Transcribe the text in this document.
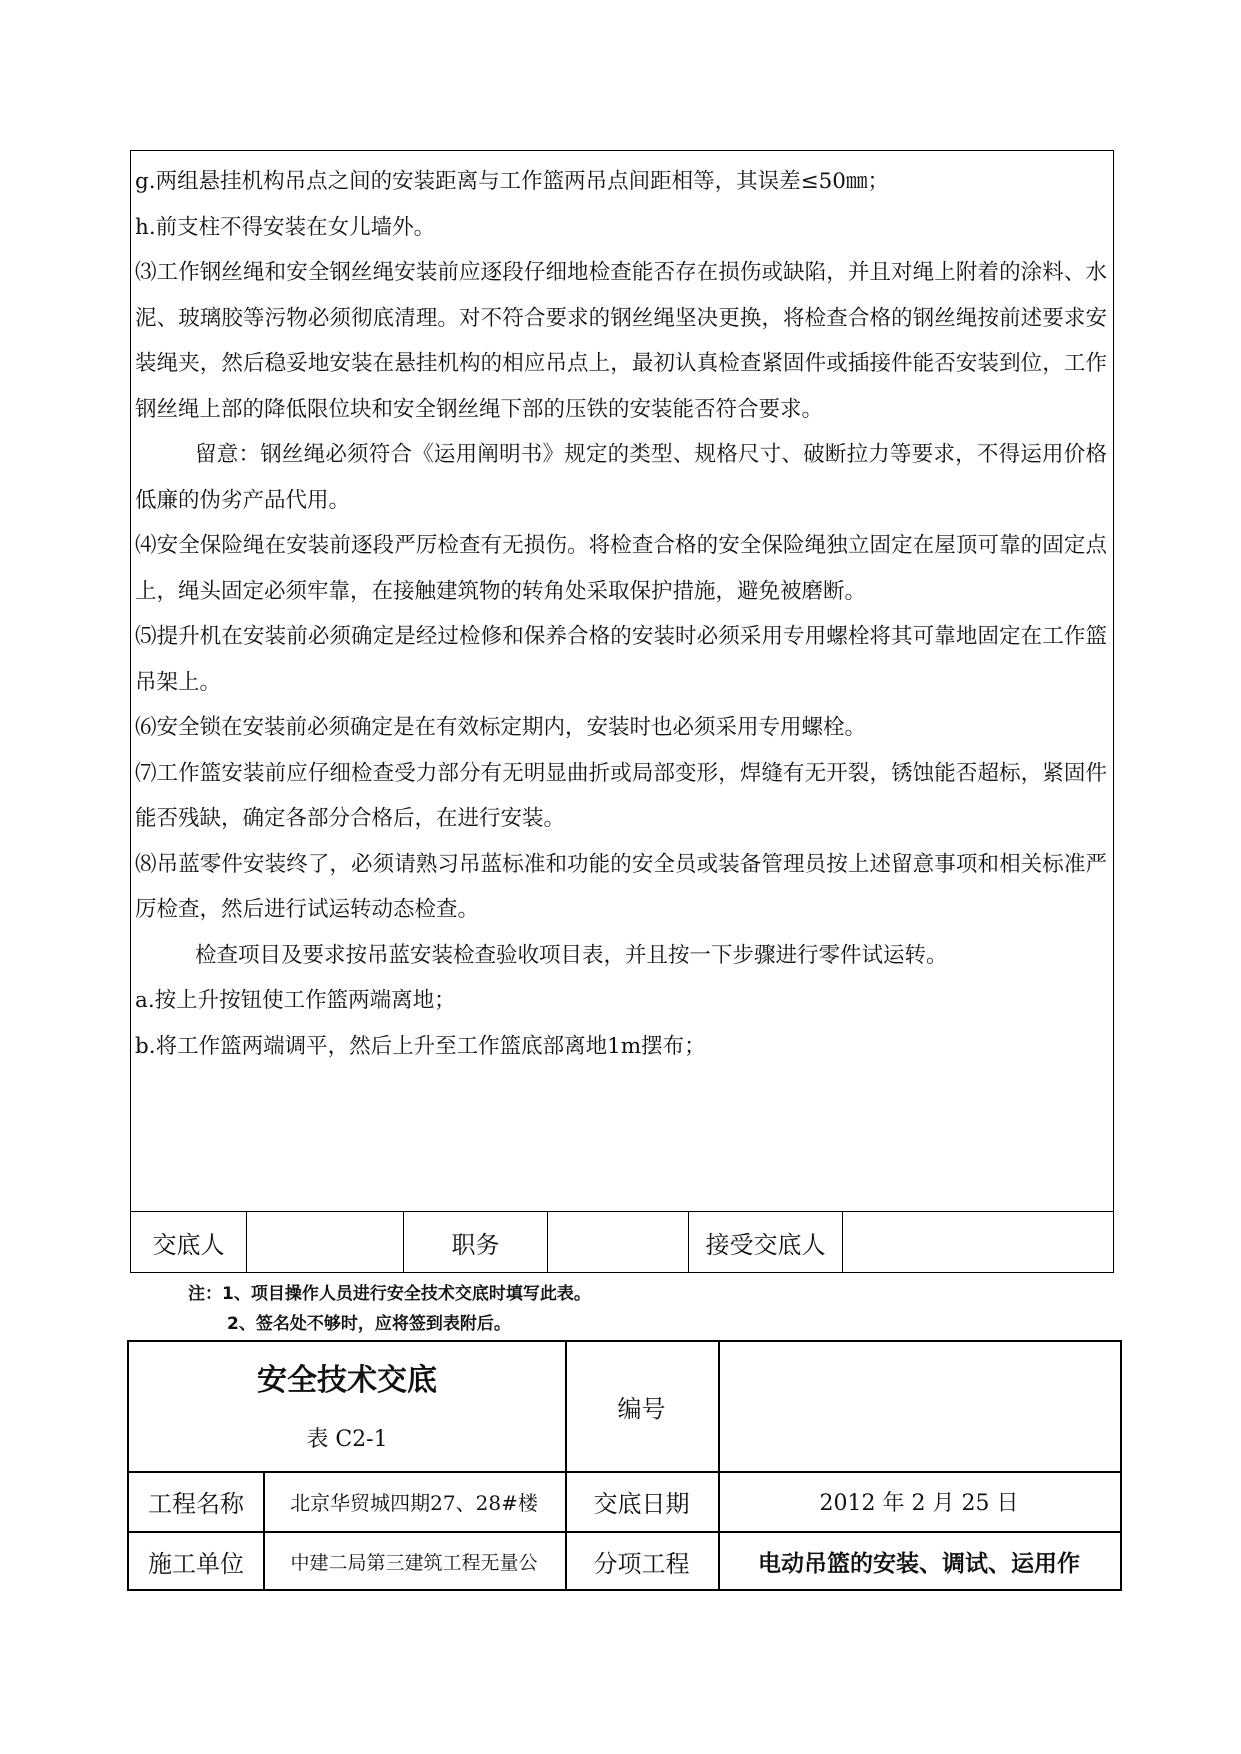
g.两组悬挂机构吊点之间的安装距离与工作篮两吊点间距相等，其误差≤50㎜；

h.前支柱不得安装在女儿墙外。

⑶工作钢丝绳和安全钢丝绳安装前应逐段仔细地检查能否存在损伤或缺陷，并且对绳上附着的涂料、水泥、玻璃胶等污物必须彻底清理。对不符合要求的钢丝绳坚决更换，将检查合格的钢丝绳按前述要求安装绳夹，然后稳妥地安装在悬挂机构的相应吊点上，最初认真检查紧固件或插接件能否安装到位，工作钢丝绳上部的降低限位块和安全钢丝绳下部的压铁的安装能否符合要求。

留意：钢丝绳必须符合《运用阐明书》规定的类型、规格尺寸、破断拉力等要求，不得运用价格低廉的伪劣产品代用。

⑷安全保险绳在安装前逐段严厉检查有无损伤。将检查合格的安全保险绳独立固定在屋顶可靠的固定点上，绳头固定必须牢靠，在接触建筑物的转角处采取保护措施，避免被磨断。

⑸提升机在安装前必须确定是经过检修和保养合格的安装时必须采用专用螺栓将其可靠地固定在工作篮吊架上。

⑹安全锁在安装前必须确定是在有效标定期内，安装时也必须采用专用螺栓。

⑺工作篮安装前应仔细检查受力部分有无明显曲折或局部变形，焊缝有无开裂，锈蚀能否超标，紧固件能否残缺，确定各部分合格后，在进行安装。

⑻吊蓝零件安装终了，必须请熟习吊蓝标准和功能的安全员或装备管理员按上述留意事项和相关标准严厉检查，然后进行试运转动态检查。

检查项目及要求按吊蓝安装检查验收项目表，并且按一下步骤进行零件试运转。

a.按上升按钮使工作篮两端离地；

b.将工作篮两端调平，然后上升至工作篮底部离地1m摆布；

交底人	职务	接受交底人
注：1、项目操作人员进行安全技术交底时填写此表。
2、签名处不够时，应将签到表附后。
安全技术交底
表 C2-1
编号
工程名称	北京华贸城四期27、28#楼	交底日期	2012 年 2 月 25 日
施工单位	中建二局第三建筑工程无量公	分项工程	电动吊篮的安装、调试、运用作
